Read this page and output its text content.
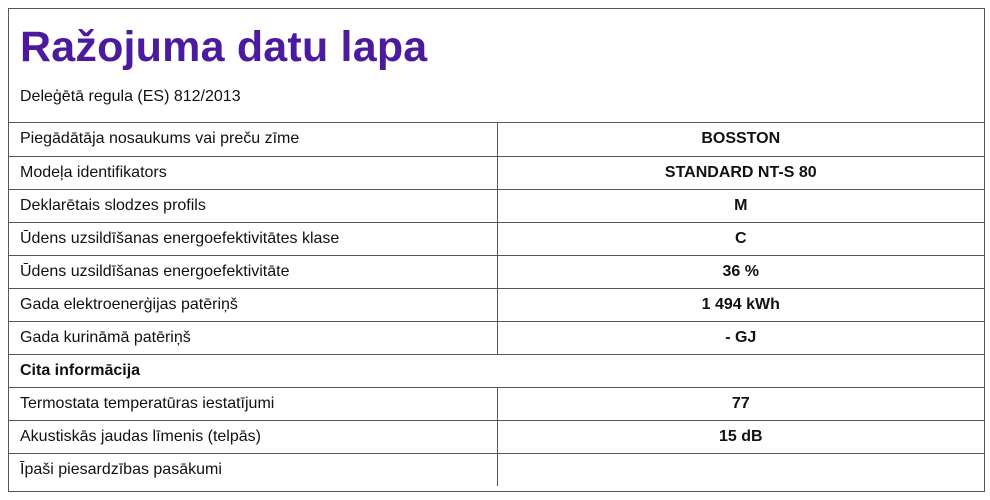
Ražojuma datu lapa
Deleģētā regula (ES) 812/2013
Piegādātāja nosaukums vai preču zīme	BOSSTON
Modeļa identifikators	STANDARD NT-S 80
Deklarētais slodzes profils	M
Ūdens uzsildīšanas energoefektivitātes klase	C
Ūdens uzsildīšanas energoefektivitāte	36 %
Gada elektroenerģijas patēriņš	1 494 kWh
Gada kurināmā patēriņš	- GJ
Cita informācija	
Termostata temperatūras iestatījumi	77
Akustiskās jaudas līmenis (telpās)	15 dB
Īpaši piesardzības pasākumi	
